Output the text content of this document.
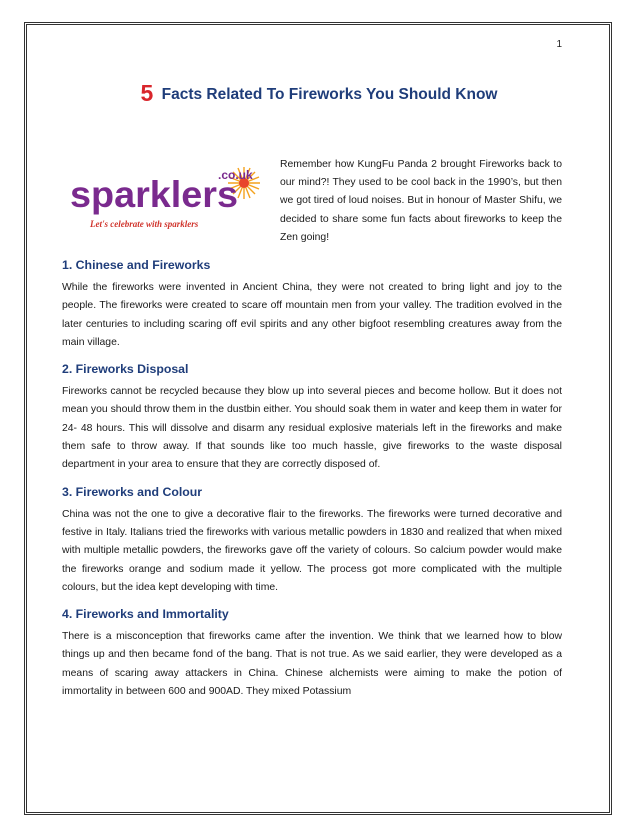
1
5 Facts Related To Fireworks You Should Know
.co.uk
sparklers
Let's celebrate with sparklers
Remember how KungFu Panda 2 brought Fireworks back to our mind?! They used to be cool back in the 1990’s, but then we got tired of loud noises. But in honour of Master Shifu, we decided to share some fun facts about fireworks to keep the Zen going!
1. Chinese and Fireworks

While the fireworks were invented in Ancient China, they were not created to bring light and joy to the people. The fireworks were created to scare off mountain men from your valley. The tradition evolved in the later centuries to including scaring off evil spirits and any other bigfoot resembling creatures away from the main village.

2. Fireworks Disposal

Fireworks cannot be recycled because they blow up into several pieces and become hollow. But it does not mean you should throw them in the dustbin either. You should soak them in water and keep them in water for 24- 48 hours. This will dissolve and disarm any residual explosive materials left in the fireworks and make them safe to throw away. If that sounds like too much hassle, give fireworks to the waste disposal department in your area to ensure that they are correctly disposed of.

3. Fireworks and Colour

China was not the one to give a decorative flair to the fireworks. The fireworks were turned decorative and festive in Italy. Italians tried the fireworks with various metallic powders in 1830 and realized that when mixed with multiple metallic powders, the fireworks gave off the variety of colours. So calcium powder would make the fireworks orange and sodium made it yellow. The process got more complicated with the multiple colours, but the idea kept developing with time.

4. Fireworks and Immortality

There is a misconception that fireworks came after the invention. We think that we learned how to blow things up and then became fond of the bang. That is not true. As we said earlier, they were developed as a means of scaring away attackers in China. Chinese alchemists were aiming to make the potion of immortality in between 600 and 900AD. They mixed Potassium
